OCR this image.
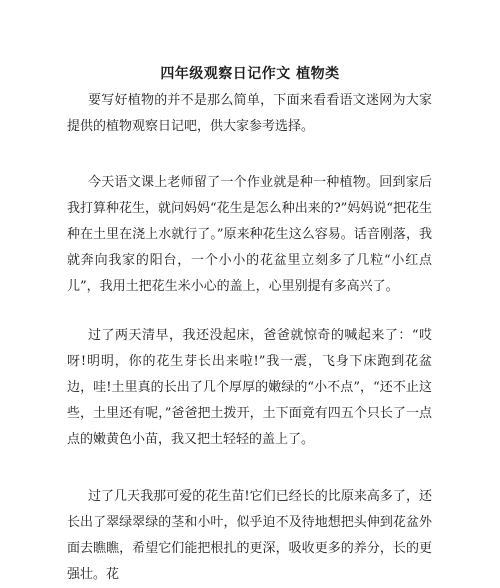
四年级观察日记作文 植物类

要写好植物的并不是那么简单，下面来看看语文迷网为大家提供的植物观察日记吧，供大家参考选择。

今天语文课上老师留了一个作业就是种一种植物。回到家后我打算种花生，就问妈妈“花生是怎么种出来的?”妈妈说“把花生种在土里在浇上水就行了。”原来种花生这么容易。话音刚落，我就奔向我家的阳台，一个小小的花盆里立刻多了几粒“小红点儿”，我用土把花生米小心的盖上，心里别提有多高兴了。

过了两天清早，我还没起床，爸爸就惊奇的喊起来了：“哎呀!明明，你的花生芽长出来啦!”我一震，飞身下床跑到花盆边，哇!土里真的长出了几个厚厚的嫩绿的“小不点”，“还不止这些，土里还有呢，”爸爸把土拨开，土下面竟有四五个只长了一点点的嫩黄色小苗，我又把土轻轻的盖上了。

过了几天我那可爱的花生苗!它们已经长的比原来高多了，还长出了翠绿翠绿的茎和小叶，似乎迫不及待地想把头伸到花盆外面去瞧瞧，希望它们能把根扎的更深，吸收更多的养分，长的更强壮。花
